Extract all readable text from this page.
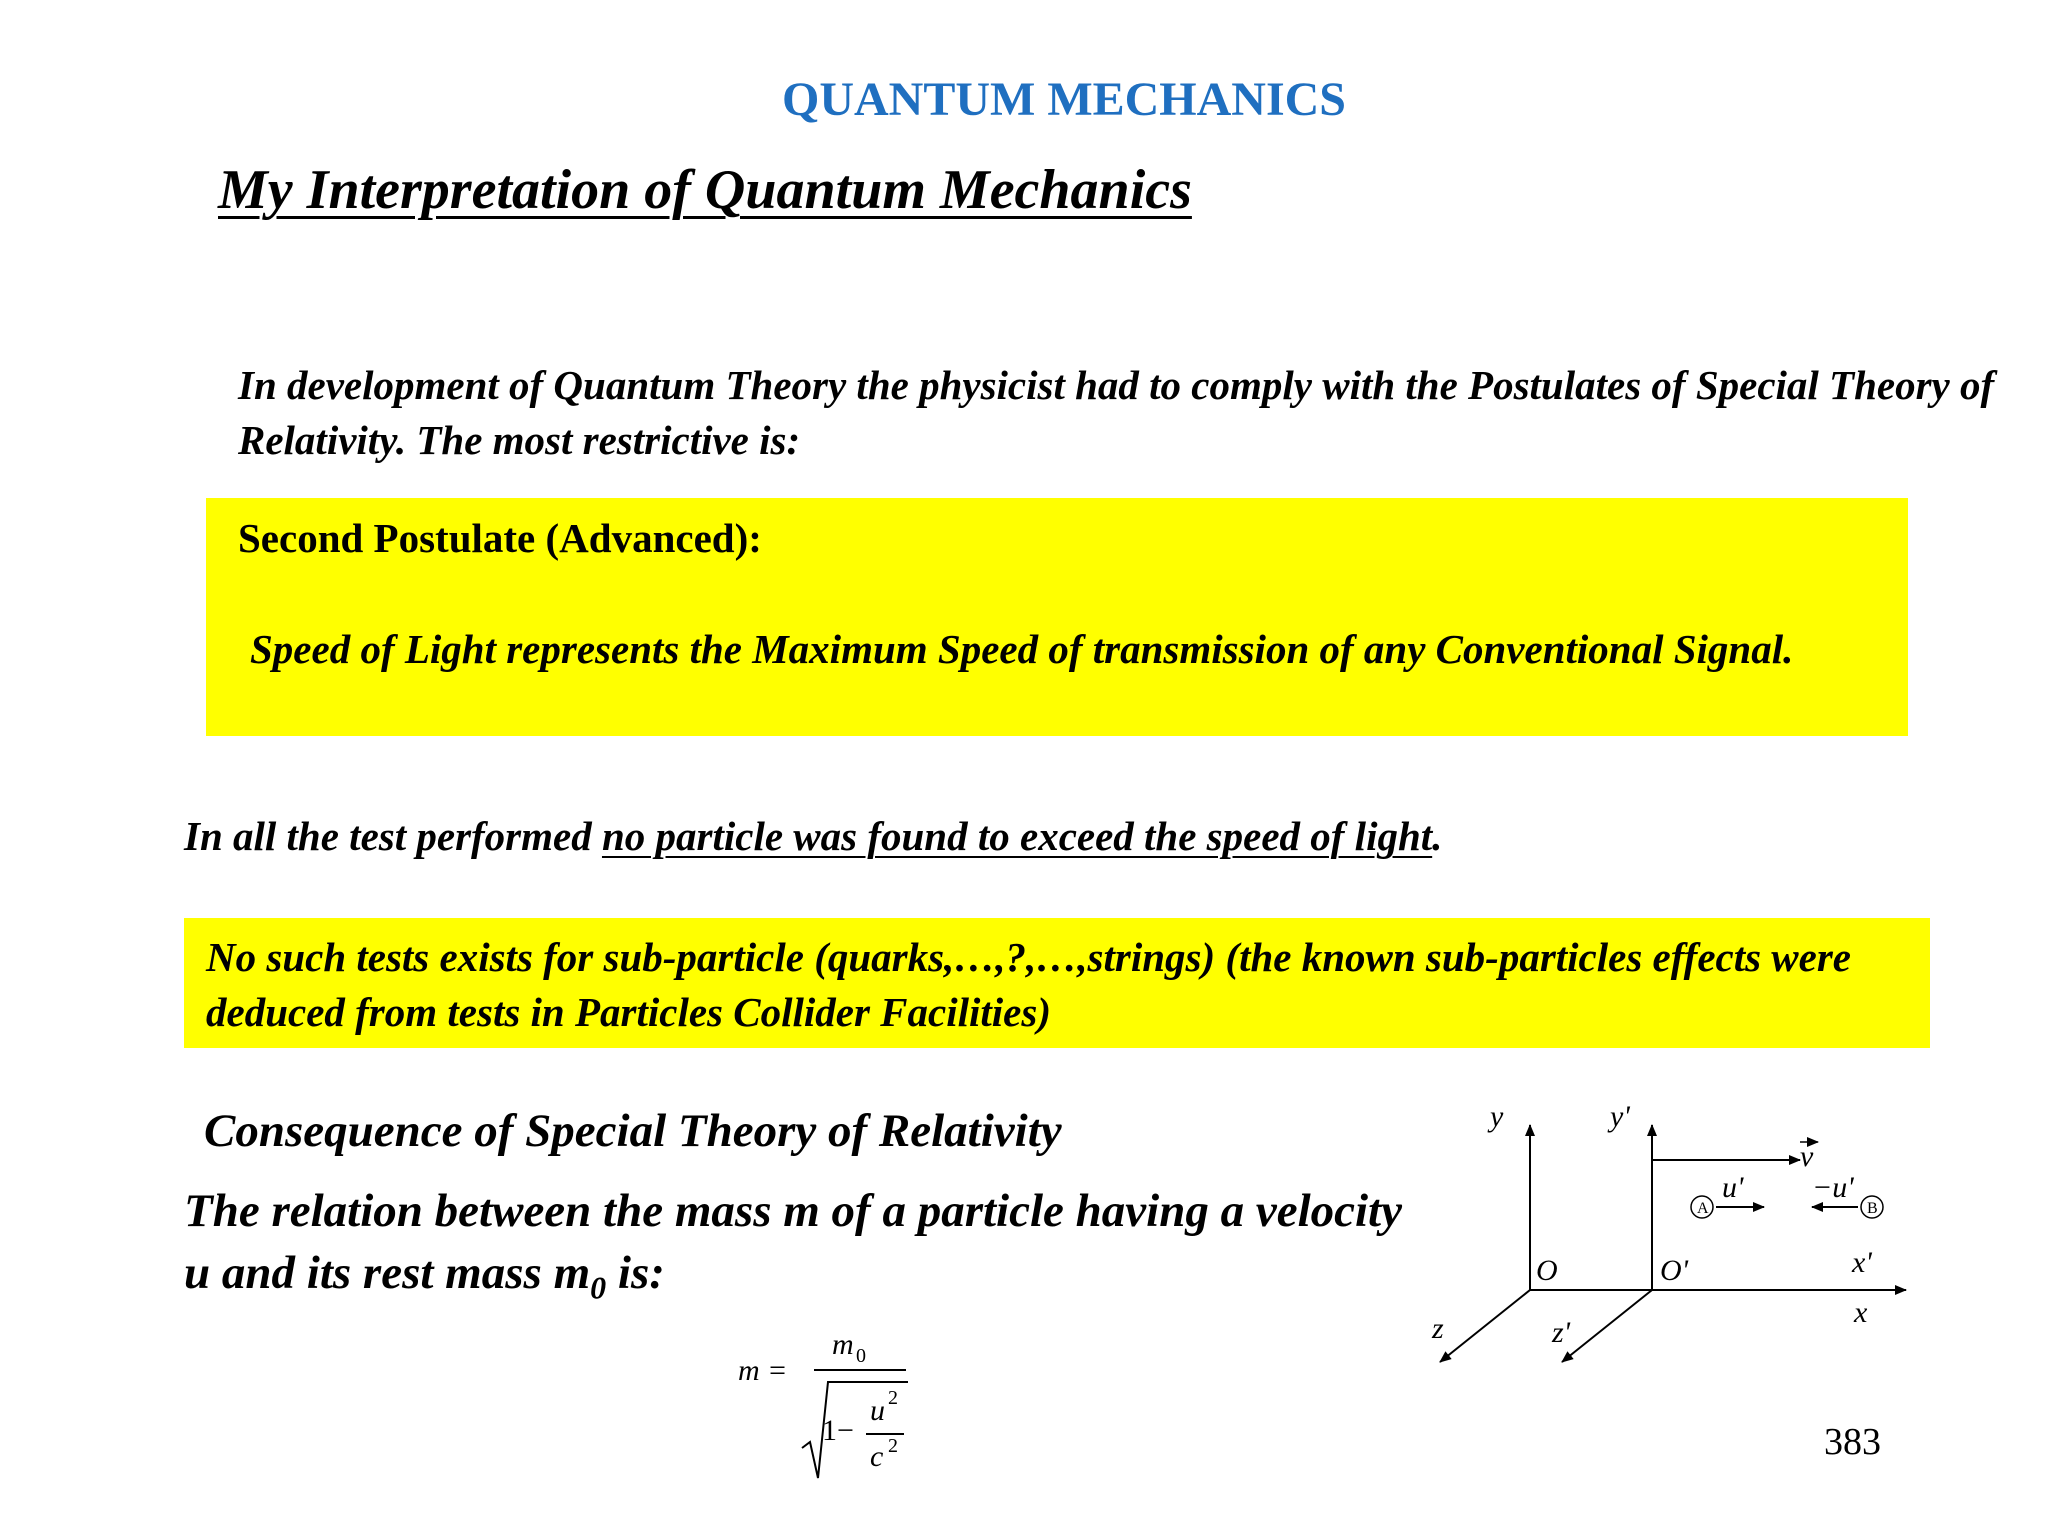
QUANTUM MECHANICS
My Interpretation of Quantum Mechanics
In development of Quantum Theory the physicist had to comply with the Postulates of Special Theory of Relativity. The most restrictive is:
Second Postulate (Advanced):
Speed of Light represents the Maximum Speed of transmission of any Conventional Signal.
In all the test performed no particle was found to exceed the speed of light.
No such tests exists for sub-particle (quarks,…,?,…,strings) (the known sub-particles effects were deduced from tests in Particles Collider Facilities)
Consequence of Special Theory of Relativity
The relation between the mass m of a particle having a velocity u and its rest mass $m_0$ is:
m =
m 0
1−
u 2
c 2
A	B
y	y'
O	O'	x'
x
z	z'
v
u' −u'
383
